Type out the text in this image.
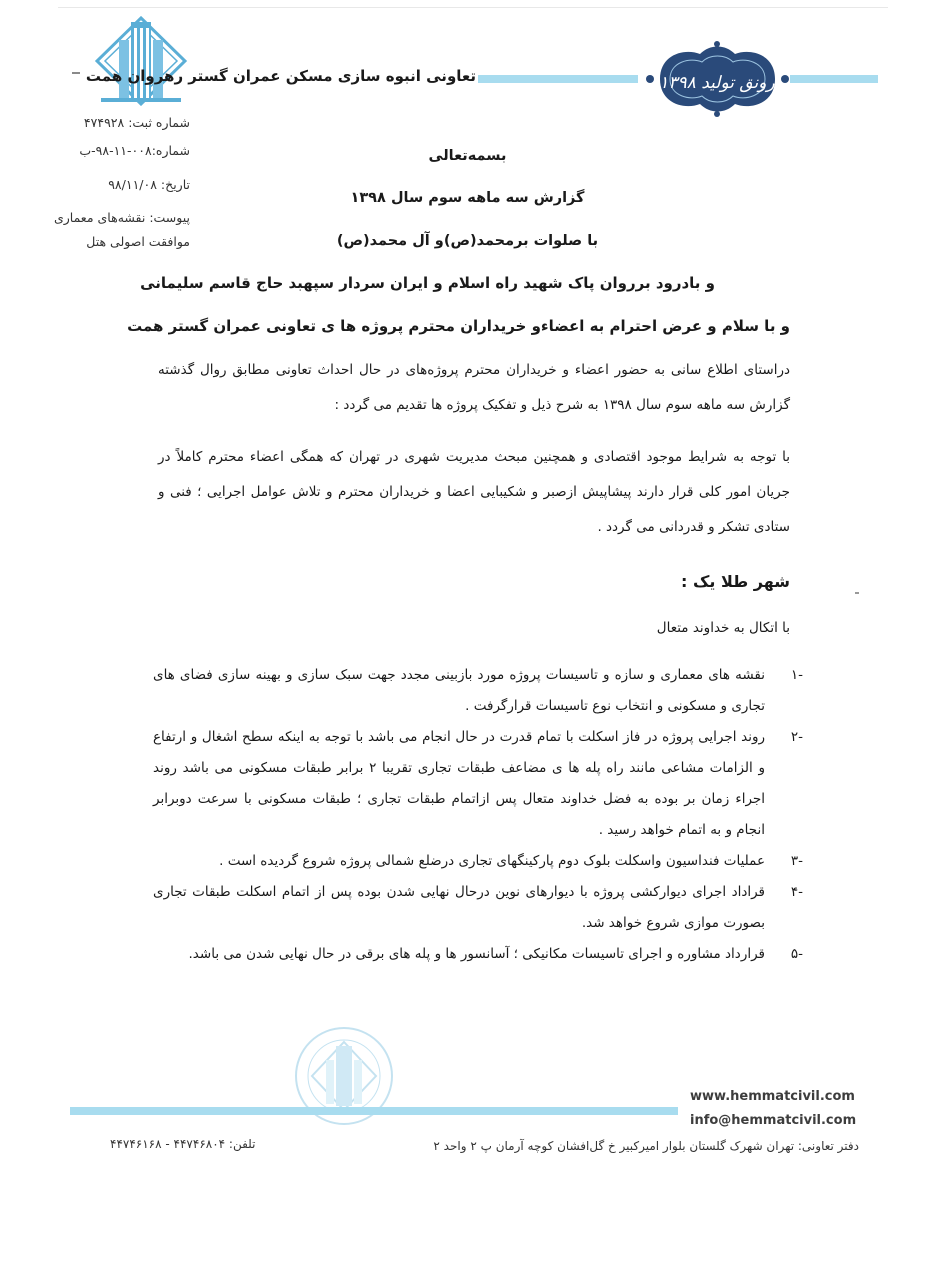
رونق تولید ۱۳۹۸
تعاونی انبوه سازی مسکن عمران گستر رهروان همت
شماره ثبت: ۴۷۴۹۲۸
شماره:۰۰۸-۱۱-۹۸-ب
تاریخ: ۹۸/۱۱/۰۸
پیوست: نقشه‌های معماری
موافقت اصولی هتل
بسمه‌تعالی
گزارش سه ماهه سوم سال ۱۳۹۸
با صلوات برمحمد(ص)و آل محمد(ص)
و بادرود برروان پاک شهید راه اسلام و ایران سردار سپهبد حاج قاسم سلیمانی
و با سلام و عرض احترام به اعضاءو خریداران محترم پروژه ها ی تعاونی عمران گستر همت
دراستای اطلاع سانی به حضور اعضاء و خریداران محترم پروژه‌های در حال احداث تعاونی مطابق روال گذشته گزارش سه ماهه سوم سال ۱۳۹۸ به شرح ذیل و تفکیک پروژه ها تقدیم می گردد :
با توجه به شرایط موجود اقتصادی و همچنین مبحث مدیریت شهری در تهران که همگی اعضاء محترم کاملاً در جریان امور کلی قرار دارند پیشاپیش ازصبر و شکیبایی اعضا و خریداران محترم و تلاش عوامل اجرایی ؛ فنی و ستادی تشکر و قدردانی می گردد .
شهر طلا یک :
با اتکال به خداوند متعال
-۱
نقشه های معماری و سازه و تاسیسات پروژه مورد بازبینی مجدد جهت سبک سازی و بهینه سازی فضای های تجاری و مسکونی و انتخاب نوع تاسیسات قرارگرفت .
-۲
روند اجرایی پروژه در فاز اسکلت با تمام قدرت در حال انجام می باشد با توجه به اینکه سطح اشغال و ارتفاع و الزامات مشاعی مانند راه پله ها ی مضاعف طبقات تجاری تقریبا ۲ برابر طبقات مسکونی می باشد روند اجراء زمان بر بوده به فضل خداوند متعال پس ازاتمام طبقات تجاری ؛ طبقات مسکونی با سرعت دوبرابر انجام و به اتمام خواهد رسید .
-۳
عملیات فنداسیون واسکلت بلوک دوم پارکینگهای تجاری درضلع شمالی پروژه شروع گردیده است .
-۴
قراداد اجرای دیوارکشی پروژه با دیوارهای نوین درحال نهایی شدن بوده پس از اتمام اسکلت طبقات تجاری بصورت موازی شروع خواهد شد.
-۵
قرارداد مشاوره و اجرای تاسیسات مکانیکی ؛ آسانسور ها و پله های برقی در حال نهایی شدن می باشد.
www.hemmatcivil.com
info@hemmatcivil.com
دفتر تعاونی: تهران شهرک گلستان بلوار امیرکبیر خ گل‌افشان کوچه آرمان پ ۲ واحد ۲
تلفن: ۴۴۷۴۶۸۰۴ - ۴۴۷۴۶۱۶۸
